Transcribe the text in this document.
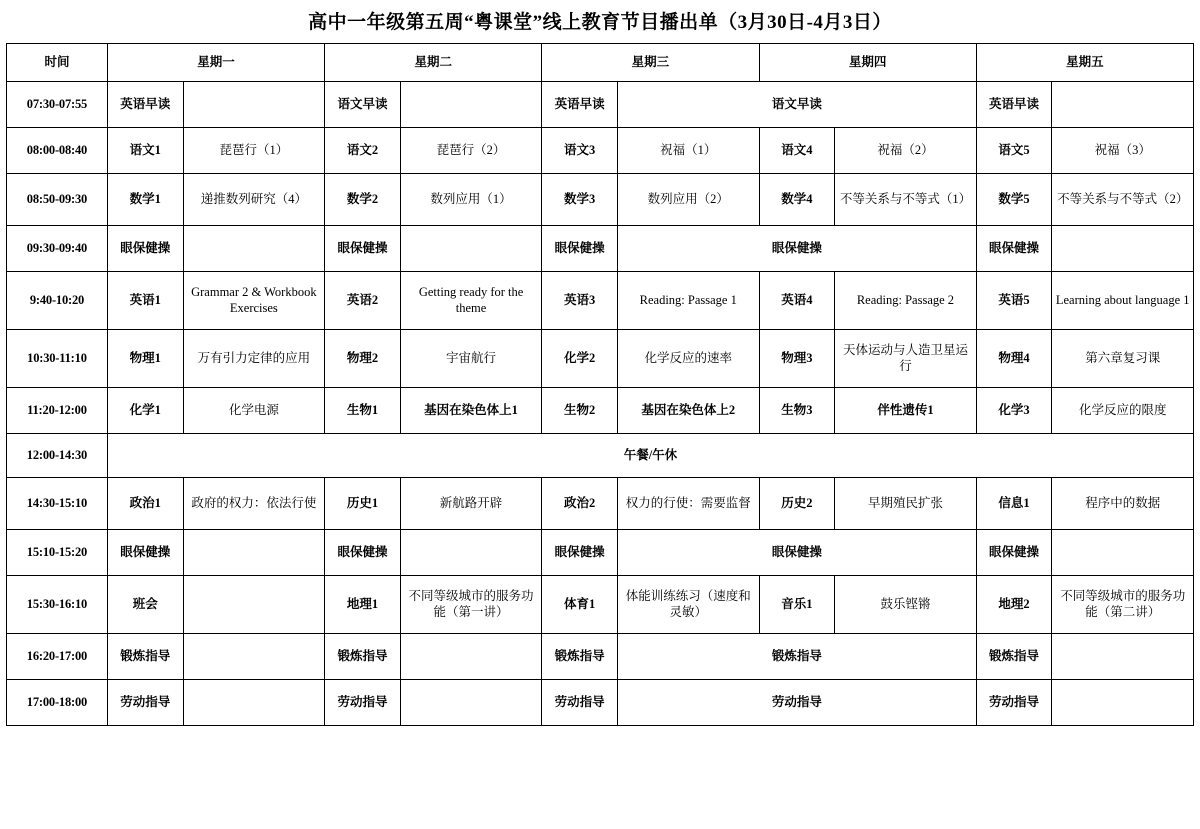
高中一年级第五周“粤课堂”线上教育节目播出单（3月30日-4月3日）
时间	星期一		星期二		星期三		星期四		星期五	
07:30-07:55	英语早读		语文早读		英语早读	语文早读			英语早读	
08:00-08:40	语文1	琵琶行（1）	语文2	琵琶行（2）	语文3	祝福（1）	语文4	祝福（2）	语文5	祝福（3）
08:50-09:30	数学1	递推数列研究（4）	数学2	数列应用（1）	数学3	数列应用（2）	数学4	不等关系与不等式（1）	数学5	不等关系与不等式（2）
09:30-09:40	眼保健操		眼保健操		眼保健操	眼保健操			眼保健操	
9:40-10:20	英语1	Grammar 2 & Workbook Exercises	英语2	Getting ready for the theme	英语3	Reading: Passage 1	英语4	Reading: Passage 2	英语5	Learning about language 1
10:30-11:10	物理1	万有引力定律的应用	物理2	宇宙航行	化学2	化学反应的速率	物理3	天体运动与人造卫星运行	物理4	第六章复习课
11:20-12:00	化学1	化学电源	生物1	基因在染色体上1	生物2	基因在染色体上2	生物3	伴性遗传1	化学3	化学反应的限度
12:00-14:30	午餐/午休									
14:30-15:10	政治1	政府的权力：依法行使	历史1	新航路开辟	政治2	权力的行使：需要监督	历史2	早期殖民扩张	信息1	程序中的数据
15:10-15:20	眼保健操		眼保健操		眼保健操	眼保健操			眼保健操	
15:30-16:10	班会		地理1	不同等级城市的服务功能（第一讲）	体育1	体能训练练习（速度和灵敏）	音乐1	鼓乐铿锵	地理2	不同等级城市的服务功能（第二讲）
16:20-17:00	锻炼指导		锻炼指导		锻炼指导	锻炼指导			锻炼指导	
17:00-18:00	劳动指导		劳动指导		劳动指导	劳动指导			劳动指导	
